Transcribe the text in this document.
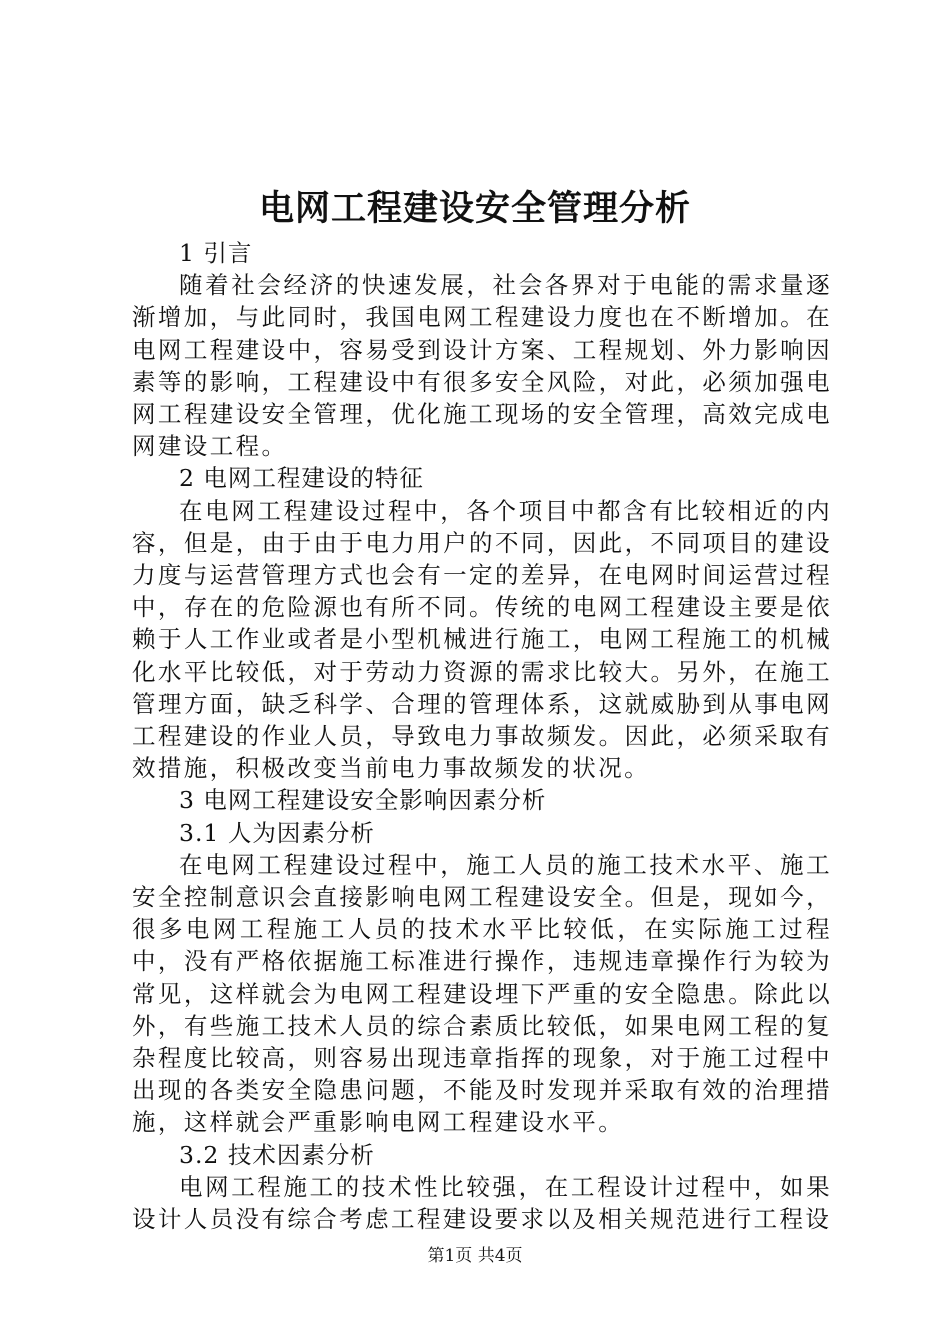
电网工程建设安全管理分析

1 引言

随着社会经济的快速发展，社会各界对于电能的需求量逐渐增加，与此同时，我国电网工程建设力度也在不断增加。在电网工程建设中，容易受到设计方案、工程规划、外力影响因素等的影响，工程建设中有很多安全风险，对此，必须加强电网工程建设安全管理，优化施工现场的安全管理，高效完成电网建设工程。

2 电网工程建设的特征

在电网工程建设过程中，各个项目中都含有比较相近的内容，但是，由于由于电力用户的不同，因此，不同项目的建设力度与运营管理方式也会有一定的差异，在电网时间运营过程中，存在的危险源也有所不同。传统的电网工程建设主要是依赖于人工作业或者是小型机械进行施工，电网工程施工的机械化水平比较低，对于劳动力资源的需求比较大。另外，在施工管理方面，缺乏科学、合理的管理体系，这就威胁到从事电网工程建设的作业人员，导致电力事故频发。因此，必须采取有效措施，积极改变当前电力事故频发的状况。

3 电网工程建设安全影响因素分析

3.1 人为因素分析

在电网工程建设过程中，施工人员的施工技术水平、施工安全控制意识会直接影响电网工程建设安全。但是，现如今，很多电网工程施工人员的技术水平比较低，在实际施工过程中，没有严格依据施工标准进行操作，违规违章操作行为较为常见，这样就会为电网工程建设埋下严重的安全隐患。除此以外，有些施工技术人员的综合素质比较低，如果电网工程的复杂程度比较高，则容易出现违章指挥的现象，对于施工过程中出现的各类安全隐患问题，不能及时发现并采取有效的治理措施，这样就会严重影响电网工程建设水平。

3.2 技术因素分析

电网工程施工的技术性比较强，在工程设计过程中，如果设计人员没有综合考虑工程建设要求以及相关规范进行工程设

第1页 共4页
